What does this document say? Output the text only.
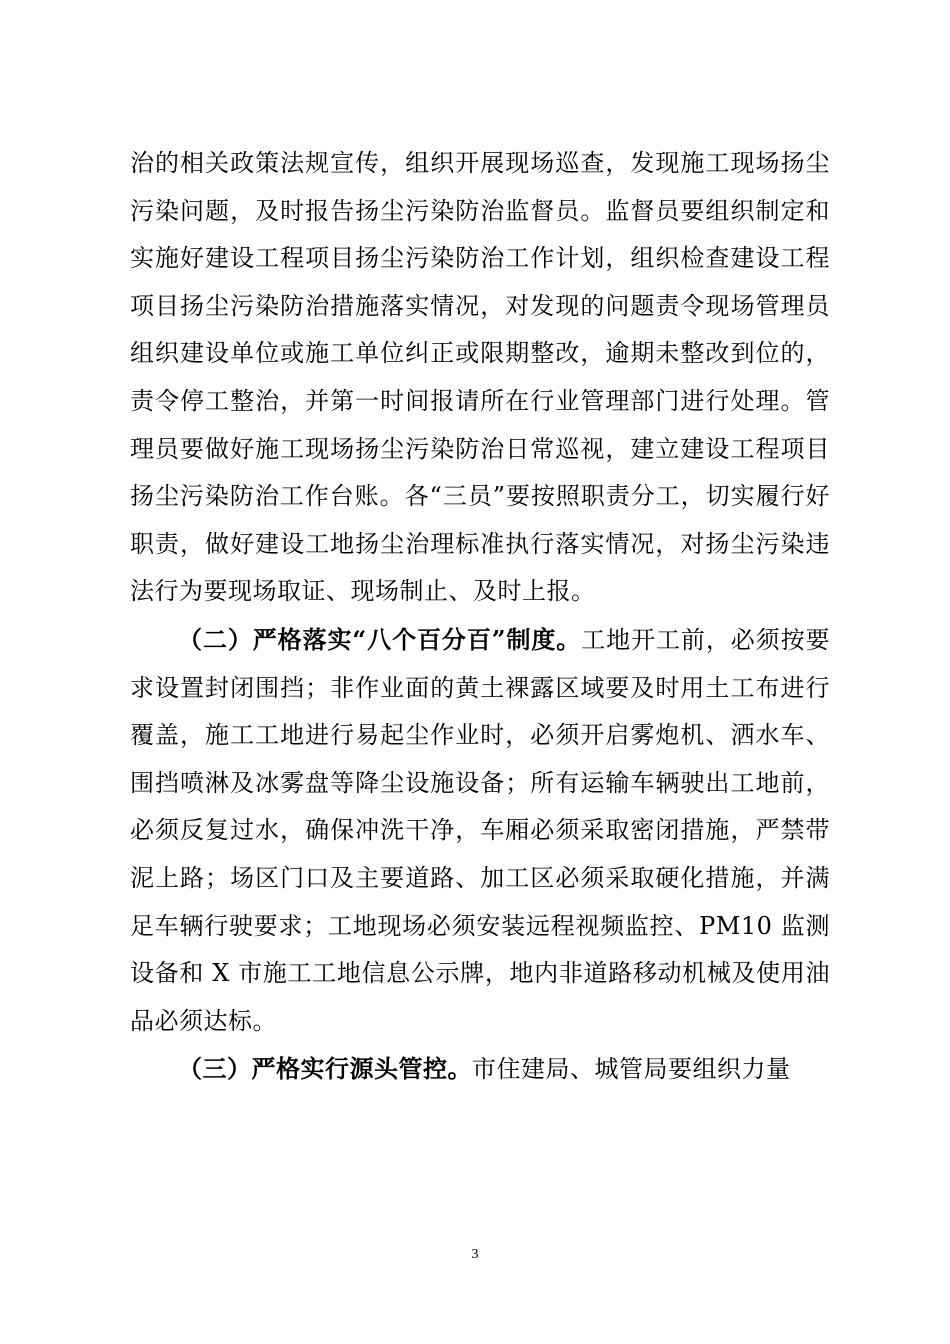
治的相关政策法规宣传，组织开展现场巡查，发现施工现场扬尘污染问题，及时报告扬尘污染防治监督员。监督员要组织制定和实施好建设工程项目扬尘污染防治工作计划，组织检查建设工程项目扬尘污染防治措施落实情况，对发现的问题责令现场管理员组织建设单位或施工单位纠正或限期整改，逾期未整改到位的，责令停工整治，并第一时间报请所在行业管理部门进行处理。管理员要做好施工现场扬尘污染防治日常巡视，建立建设工程项目扬尘污染防治工作台账。各“三员”要按照职责分工，切实履行好职责，做好建设工地扬尘治理标准执行落实情况，对扬尘污染违法行为要现场取证、现场制止、及时上报。

（二）严格落实“八个百分百”制度。工地开工前，必须按要求设置封闭围挡；非作业面的黄土裸露区域要及时用土工布进行覆盖，施工工地进行易起尘作业时，必须开启雾炮机、洒水车、围挡喷淋及冰雾盘等降尘设施设备；所有运输车辆驶出工地前，必须反复过水，确保冲洗干净，车厢必须采取密闭措施，严禁带泥上路；场区门口及主要道路、加工区必须采取硬化措施，并满足车辆行驶要求；工地现场必须安装远程视频监控、PM10 监测设备和 X 市施工工地信息公示牌，地内非道路移动机械及使用油品必须达标。

（三）严格实行源头管控。市住建局、城管局要组织力量

3
